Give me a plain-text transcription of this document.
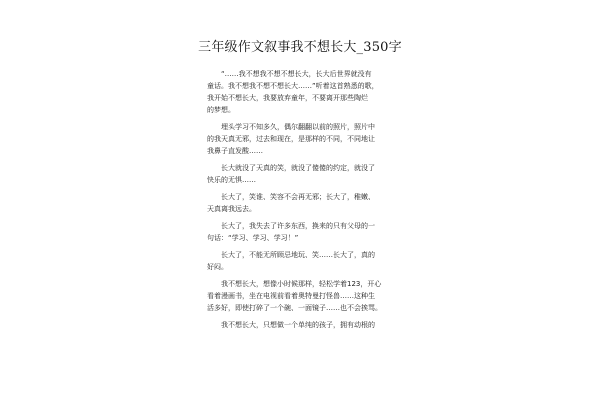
三年级作文叙事我不想长大_350字
“……我不想我不想不想长大，长大后世界就没有
童话。我不想我不想不想长大……”听着这首熟悉的歌，
我开始不想长大，我要放弃童年，不要离开那些陶烂
的梦想。
埋头学习不知多久，偶尔翻翻以前的照片，照片中
的我天真无邪，过去和现在，是那样的不同，不同地让
我鼻子直发酸……
长大就没了天真的笑，就没了傻傻的约定，就没了
快乐的无惧……
长大了，笑谁、笑容不会再无邪；长大了，稚嫩、
天真离我远去。
长大了，我失去了许多东西，换来的只有父母的一
句话：“学习、学习、学习！”
长大了，不能无所顾忌地玩、笑……长大了，真的
好闷。
我不想长大，想像小时候那样，轻松学着123，开心
看着漫画书，坐在电视前看着奥特曼打怪兽……这种生
活多好，即使打碎了一个碗、一面镜子……也不会挨骂。
我不想长大，只想做一个单纯的孩子，拥有动根的
